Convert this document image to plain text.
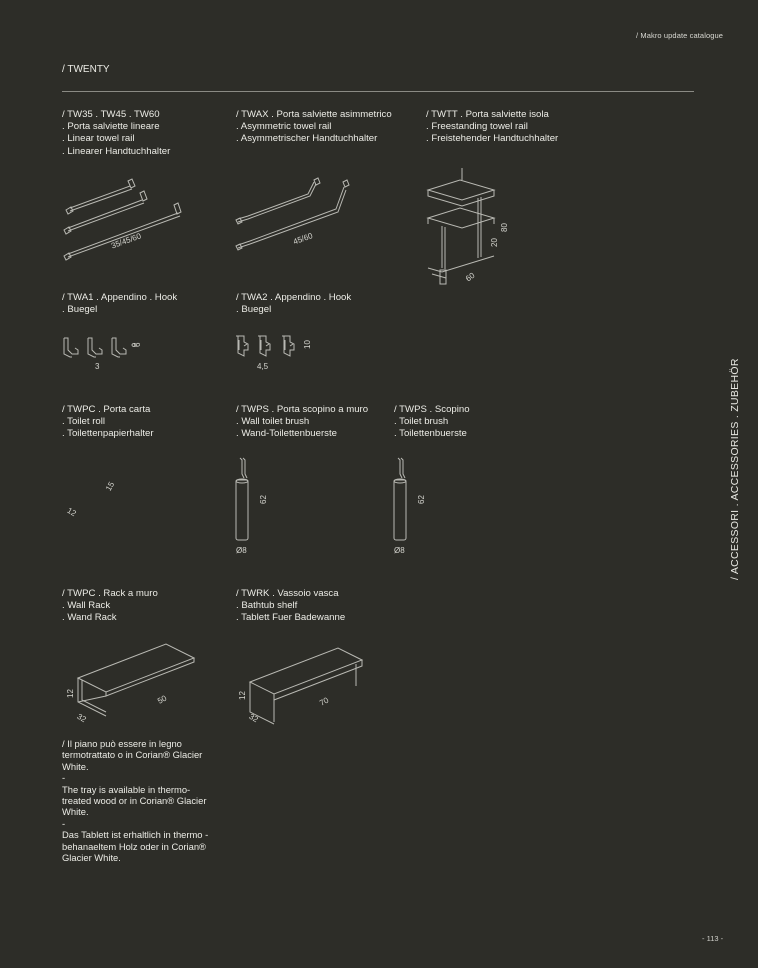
/ Makro update catalogue
/ TWENTY
/ TW35 . TW45 . TW60
. Porta salviette lineare
. Linear towel rail
. Linearer Handtuchhalter
35/45/60
/ TWAX . Porta salviette asimmetrico
. Asymmetric towel rail
. Asymmetrischer Handtuchhalter
45/60
/ TWTT . Porta salviette isola
. Freestanding towel rail
. Freistehender Handtuchhalter
80
20
60
/ TWA1 . Appendino . Hook
. Buegel
3
6
/ TWA2 . Appendino . Hook
. Buegel
4,5
10
/ TWPC . Porta carta
. Toilet roll
. Toilettenpapierhalter
15
12
/ TWPS . Porta scopino a muro
. Wall toilet brush
. Wand-Toilettenbuerste
62
Ø8
/ TWPS . Scopino
. Toilet brush
. Toilettenbuerste
62
Ø8
/ TWPC . Rack a muro
. Wall Rack
. Wand Rack
12
32
50
/ TWRK . Vassoio vasca
. Bathtub shelf
. Tablett Fuer Badewanne
12
32
70

/ Il piano può essere in legno termotrattato o in Corian® Glacier White.

-

The tray is available in thermo-treated wood or in Corian® Glacier White.

-

Das Tablett ist erhaltlich in thermo - behanaeltem Holz oder in Corian® Glacier White.

/ ACCESSORI . ACCESSORIES . ZUBEHÖR
- 113 -
